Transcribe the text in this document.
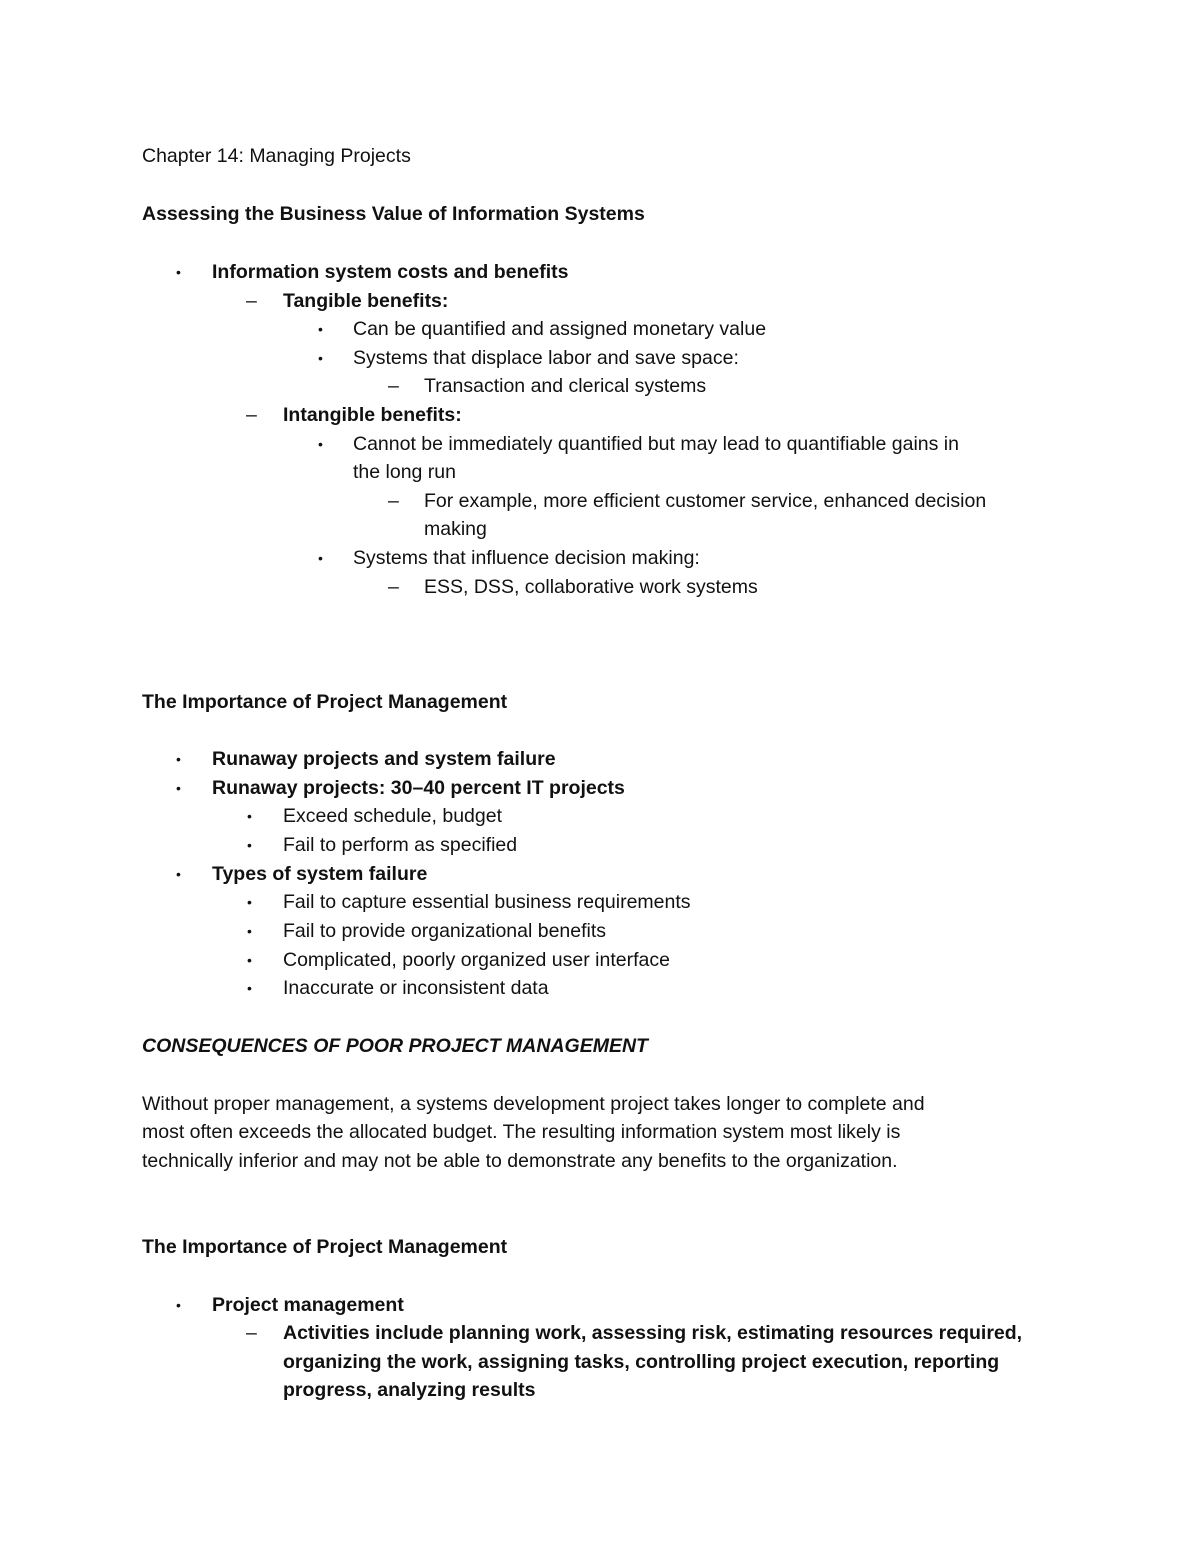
Chapter 14: Managing Projects
Assessing the Business Value of Information Systems
• Information system costs and benefits
– Tangible benefits:
• Can be quantified and assigned monetary value
• Systems that displace labor and save space:
– Transaction and clerical systems
– Intangible benefits:
• Cannot be immediately quantified but may lead to quantifiable gains in
the long run
– For example, more efficient customer service, enhanced decision
making
• Systems that influence decision making:
– ESS, DSS, collaborative work systems
The Importance of Project Management
• Runaway projects and system failure
• Runaway projects: 30–40 percent IT projects
• Exceed schedule, budget
• Fail to perform as specified
• Types of system failure
• Fail to capture essential business requirements
• Fail to provide organizational benefits
• Complicated, poorly organized user interface
• Inaccurate or inconsistent data
CONSEQUENCES OF POOR PROJECT MANAGEMENT
Without proper management, a systems development project takes longer to complete and
most often exceeds the allocated budget. The resulting information system most likely is
technically inferior and may not be able to demonstrate any benefits to the organization.
The Importance of Project Management
• Project management
– Activities include planning work, assessing risk, estimating resources required,
organizing the work, assigning tasks, controlling project execution, reporting
progress, analyzing results
